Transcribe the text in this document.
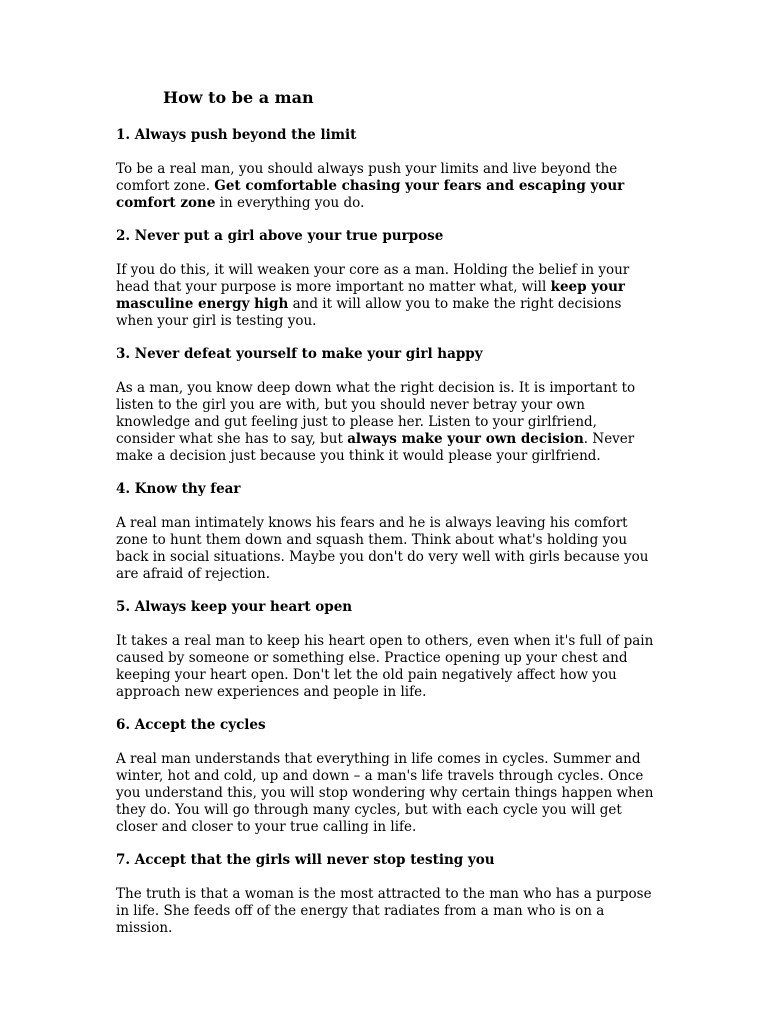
How to be a man
1. Always push beyond the limit

To be a real man, you should always push your limits and live beyond the comfort zone. Get comfortable chasing your fears and escaping your comfort zone in everything you do.

2. Never put a girl above your true purpose

If you do this, it will weaken your core as a man. Holding the belief in your head that your purpose is more important no matter what, will keep your masculine energy high and it will allow you to make the right decisions when your girl is testing you.

3. Never defeat yourself to make your girl happy

As a man, you know deep down what the right decision is. It is important to listen to the girl you are with, but you should never betray your own knowledge and gut feeling just to please her. Listen to your girlfriend, consider what she has to say, but always make your own decision. Never make a decision just because you think it would please your girlfriend.

4. Know thy fear

A real man intimately knows his fears and he is always leaving his comfort zone to hunt them down and squash them. Think about what's holding you back in social situations. Maybe you don't do very well with girls because you are afraid of rejection.

5. Always keep your heart open

It takes a real man to keep his heart open to others, even when it's full of pain caused by someone or something else. Practice opening up your chest and keeping your heart open. Don't let the old pain negatively affect how you approach new experiences and people in life.

6. Accept the cycles

A real man understands that everything in life comes in cycles. Summer and winter, hot and cold, up and down – a man's life travels through cycles. Once you understand this, you will stop wondering why certain things happen when they do. You will go through many cycles, but with each cycle you will get closer and closer to your true calling in life.

7. Accept that the girls will never stop testing you

The truth is that a woman is the most attracted to the man who has a purpose in life. She feeds off of the energy that radiates from a man who is on a mission.
